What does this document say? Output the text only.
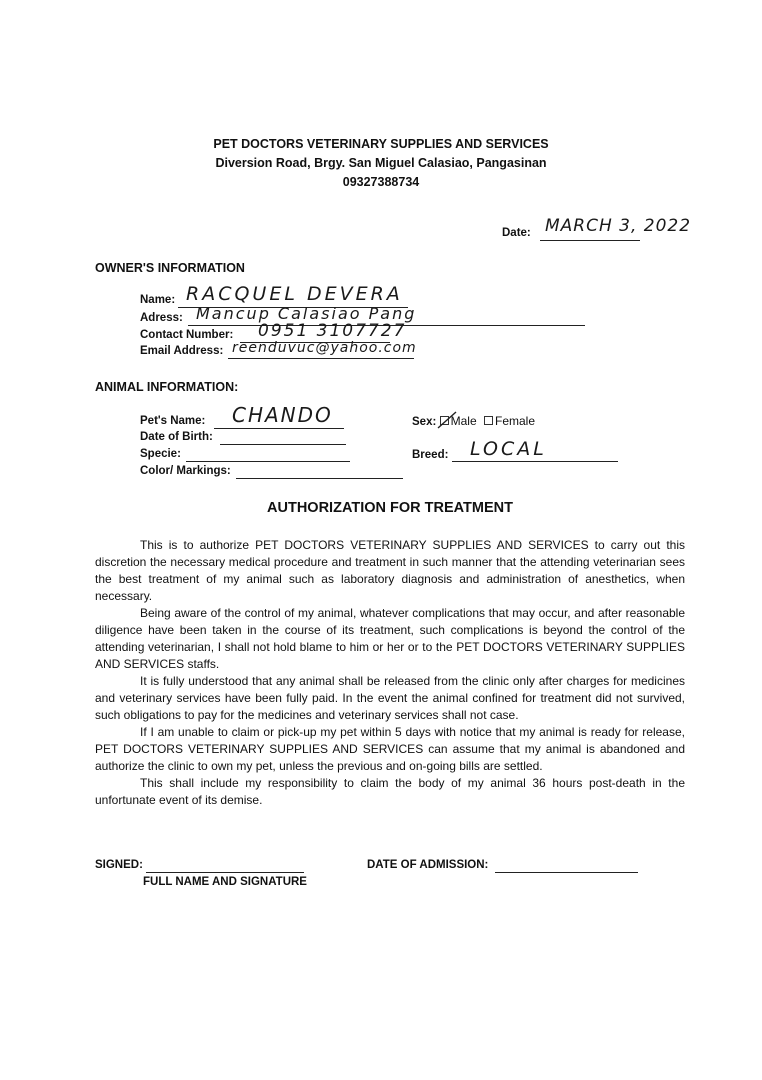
PET DOCTORS VETERINARY SUPPLIES AND SERVICES
Diversion Road, Brgy. San Miguel Calasiao, Pangasinan
09327388734
Date: MARCH 3, 2022
OWNER'S INFORMATION
Name: RACQUEL DEVERA
Adress: Mancup Calasiao Pang
Contact Number: 0951 3107727
Email Address: reenduvuc@yahoo.com
ANIMAL INFORMATION:
Pet's Name: CHANDO
Date of Birth:
Specie:
Color/ Markings:
Sex: Male Female
Breed: LOCAL
AUTHORIZATION FOR TREATMENT

This is to authorize PET DOCTORS VETERINARY SUPPLIES AND SERVICES to carry out this discretion the necessary medical procedure and treatment in such manner that the attending veterinarian sees the best treatment of my animal such as laboratory diagnosis and administration of anesthetics, when necessary.

Being aware of the control of my animal, whatever complications that may occur, and after reasonable diligence have been taken in the course of its treatment, such complications is beyond the control of the attending veterinarian, I shall not hold blame to him or her or to the PET DOCTORS VETERINARY SUPPLIES AND SERVICES staffs.

It is fully understood that any animal shall be released from the clinic only after charges for medicines and veterinary services have been fully paid. In the event the animal confined for treatment did not survived, such obligations to pay for the medicines and veterinary services shall not case.

If I am unable to claim or pick-up my pet within 5 days with notice that my animal is ready for release, PET DOCTORS VETERINARY SUPPLIES AND SERVICES can assume that my animal is abandoned and authorize the clinic to own my pet, unless the previous and on-going bills are settled.

This shall include my responsibility to claim the body of my animal 36 hours post-death in the unfortunate event of its demise.

SIGNED:
FULL NAME AND SIGNATURE
DATE OF ADMISSION:
